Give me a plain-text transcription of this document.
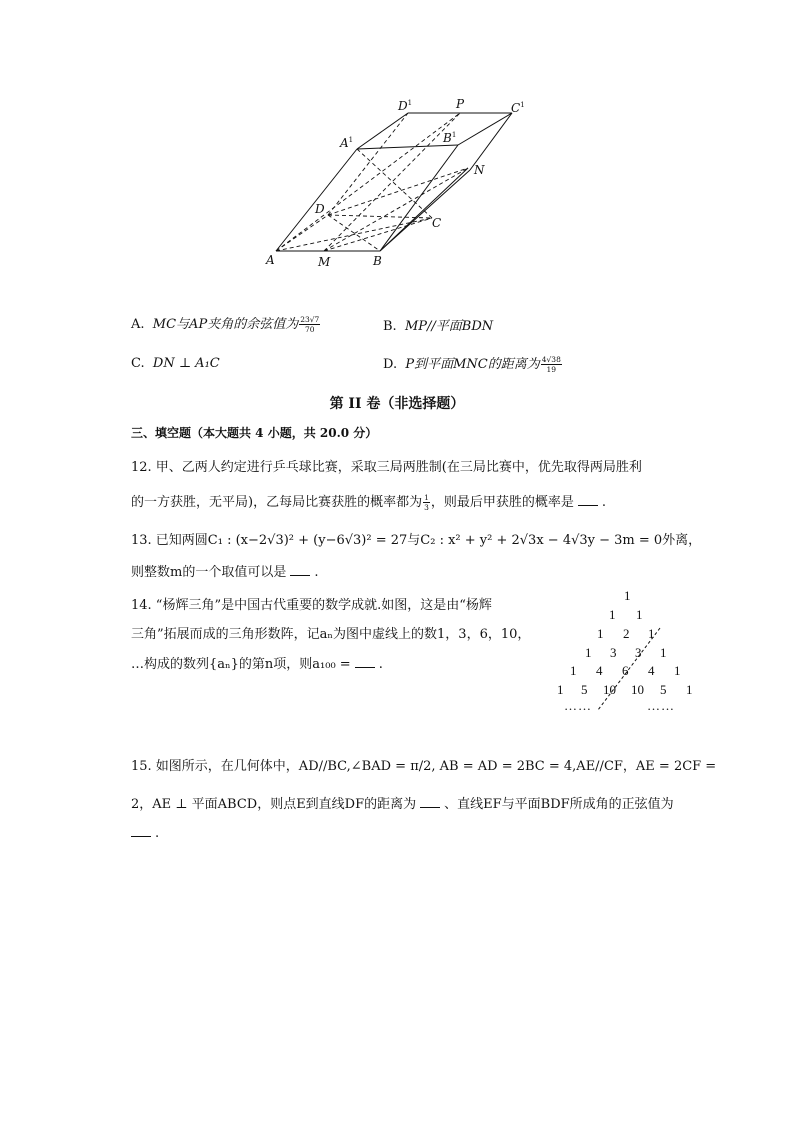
$D^1$	P	$C^1$
$A^1$	$B^1$
N
D
C
A	M	B
A. MC与AP夹角的余弦值为 $\frac{23√7}{70}$	B. MP//平面BDN
C. DN ⊥ A₁C	D. P到平面MNC的距离为 $\frac{4√38}{19}$
第 II 卷（非选择题）
三、填空题（本大题共 4 小题，共 20.0 分）
12. 甲、乙两人约定进行乒乓球比赛，采取三局两胜制(在三局比赛中，优先取得两局胜利
的一方获胜，无平局)，乙每局比赛获胜的概率都为 $\frac{1}{3}$ ，则最后甲获胜的概率是 .
13. 已知两圆C₁ : (x−2√3)² + (y−6√3)² = 27与C₂ : x² + y² + 2√3x − 4√3y − 3m = 0外离，
则整数m的一个取值可以是 .
14. “杨辉三角”是中国古代重要的数学成就.如图，这是由“杨辉
三角”拓展而成的三角形数阵，记aₙ为图中虚线上的数1，3，6，10，
…构成的数列{aₙ}的第n项，则a₁₀₀ = .
1
1 1
1 2 1
1 3 3 1
1 4 6 4 1
1 5 10 10 5 1
……	……
15. 如图所示，在几何体中，AD//BC,∠BAD = π/2, AB = AD = 2BC = 4,AE//CF，AE = 2CF =
2，AE ⊥ 平面ABCD，则点E到直线DF的距离为 、直线EF与平面BDF所成角的正弦值为
.
